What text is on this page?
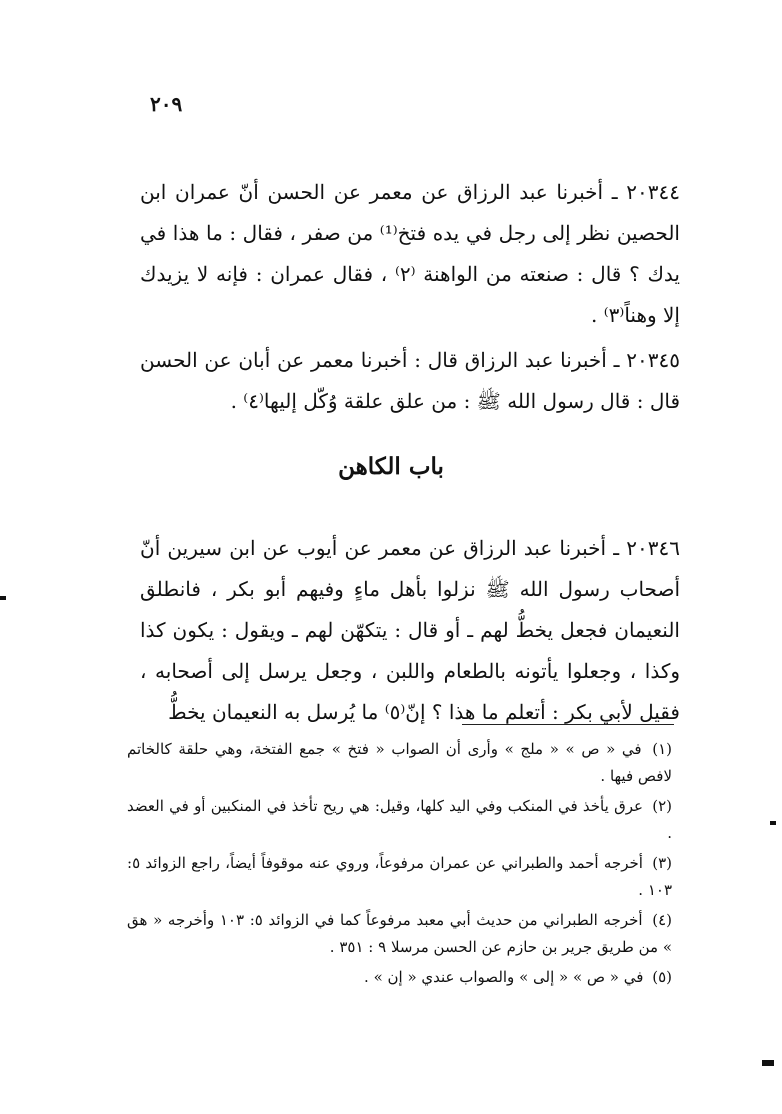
٢٠٩

٢٠٣٤٤ ـ أخبرنا عبد الرزاق عن معمر عن الحسن أنّ عمران ابن الحصين نظر إلى رجل في يده فتخ⁽¹⁾ من صفر ، فقال : ما هذا في يدك ؟ قال : صنعته من الواهنة ⁽٢⁾ ، فقال عمران : فإنه لا يزيدك إلا وهناً⁽٣⁾ .

٢٠٣٤٥ ـ أخبرنا عبد الرزاق قال : أخبرنا معمر عن أبان عن الحسن قال : قال رسول الله ﷺ : من علق علقة وُكّل إليها⁽٤⁾ .

باب الكاهن

٢٠٣٤٦ ـ أخبرنا عبد الرزاق عن معمر عن أيوب عن ابن سيرين أنّ أصحاب رسول الله ﷺ نزلوا بأهل ماءٍ وفيهم أبو بكر ، فانطلق النعيمان فجعل يخطُّ لهم ـ أو قال : يتكهّن لهم ـ ويقول : يكون كذا وكذا ، وجعلوا يأتونه بالطعام واللبن ، وجعل يرسل إلى أصحابه ، فقيل لأبي بكر : أتعلم ما هذا ؟ إنّ⁽٥⁾ ما يُرسل به النعيمان يخطُّ

(١) في « ص » « ملج » وأرى أن الصواب « فتخ » جمع الفتخة، وهي حلقة كالخاتم لافص فيها .
(٢) عرق يأخذ في المنكب وفي اليد كلها، وقيل: هي ريح تأخذ في المنكبين أو في العضد .
(٣) أخرجه أحمد والطبراني عن عمران مرفوعاً، وروي عنه موقوفاً أيضاً، راجع الزوائد ٥: ١٠٣ .
(٤) أخرجه الطبراني من حديث أبي معبد مرفوعاً كما في الزوائد ٥: ١٠٣ وأخرجه « هق » من طريق جرير بن حازم عن الحسن مرسلا ٩ : ٣٥١ .
(٥) في « ص » « إلى » والصواب عندي « إن » .
